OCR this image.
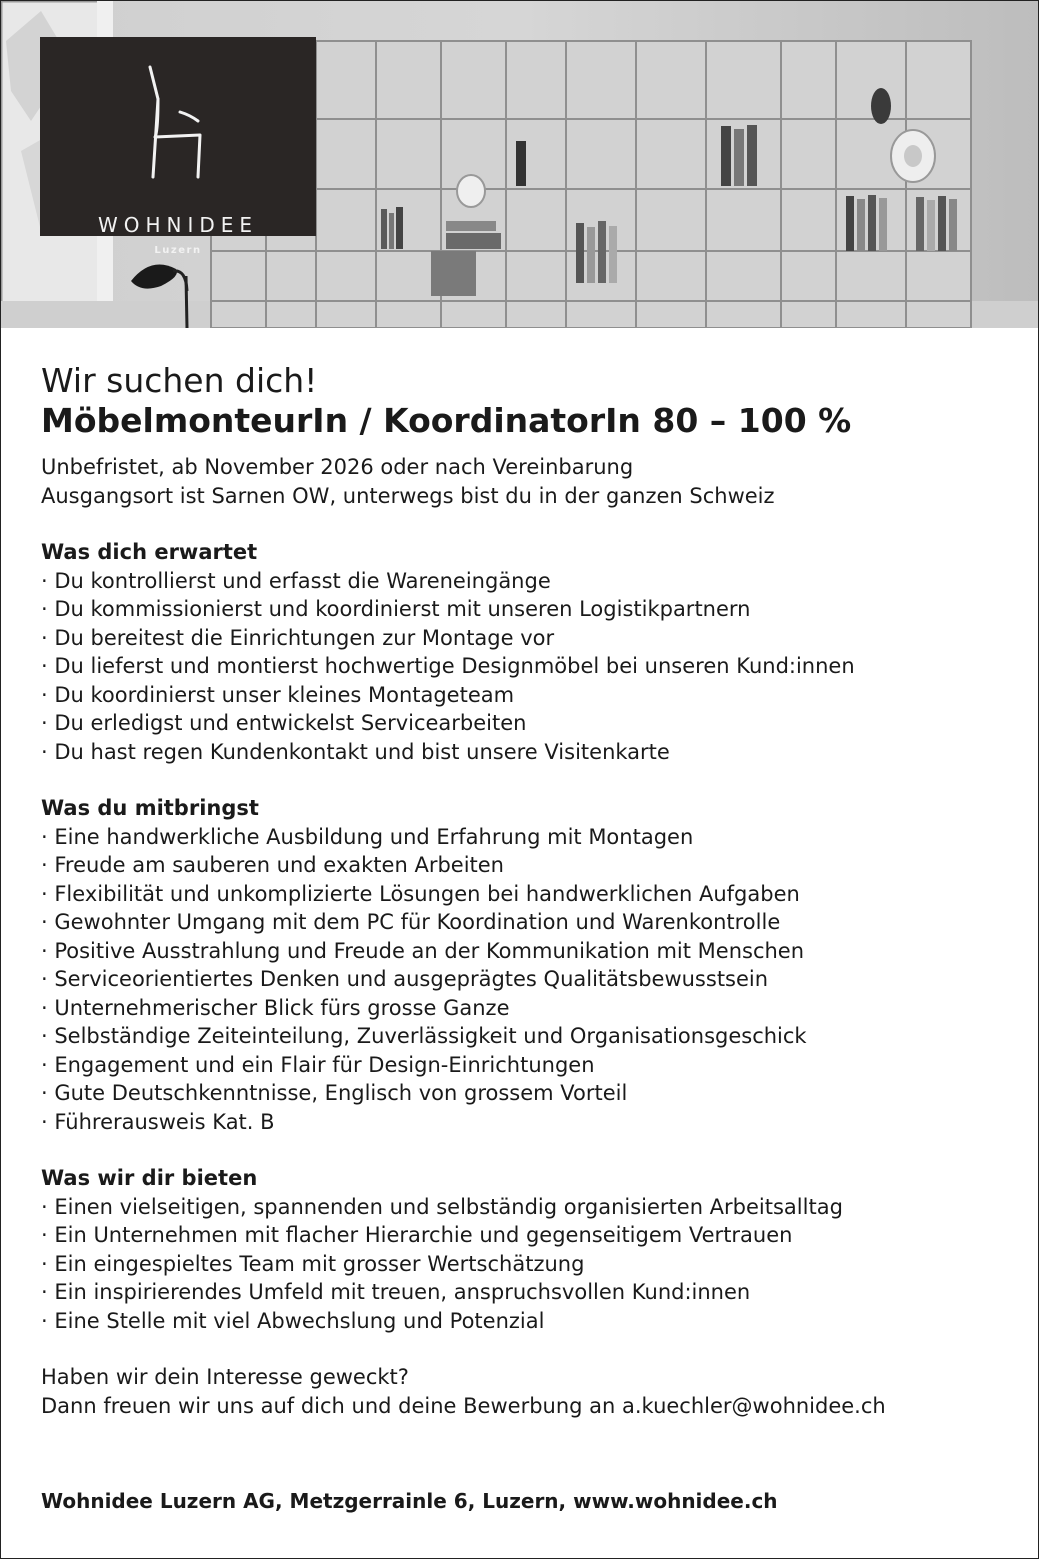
WOHNIDEE
Luzern
Wir suchen dich!
MöbelmonteurIn / KoordinatorIn 80 – 100 %
Unbefristet, ab November 2026 oder nach Vereinbarung
Ausgangsort ist Sarnen OW, unterwegs bist du in der ganzen Schweiz
Was dich erwartet
· Du kontrollierst und erfasst die Wareneingänge
· Du kommissionierst und koordinierst mit unseren Logistikpartnern
· Du bereitest die Einrichtungen zur Montage vor
· Du lieferst und montierst hochwertige Designmöbel bei unseren Kund:innen
· Du koordinierst unser kleines Montageteam
· Du erledigst und entwickelst Servicearbeiten
· Du hast regen Kundenkontakt und bist unsere Visitenkarte
Was du mitbringst
· Eine handwerkliche Ausbildung und Erfahrung mit Montagen
· Freude am sauberen und exakten Arbeiten
· Flexibilität und unkomplizierte Lösungen bei handwerklichen Aufgaben
· Gewohnter Umgang mit dem PC für Koordination und Warenkontrolle
· Positive Ausstrahlung und Freude an der Kommunikation mit Menschen
· Serviceorientiertes Denken und ausgeprägtes Qualitätsbewusstsein
· Unternehmerischer Blick fürs grosse Ganze
· Selbständige Zeiteinteilung, Zuverlässigkeit und Organisationsgeschick
· Engagement und ein Flair für Design-Einrichtungen
· Gute Deutschkenntnisse, Englisch von grossem Vorteil
· Führerausweis Kat. B
Was wir dir bieten
· Einen vielseitigen, spannenden und selbständig organisierten Arbeitsalltag
· Ein Unternehmen mit flacher Hierarchie und gegenseitigem Vertrauen
· Ein eingespieltes Team mit grosser Wertschätzung
· Ein inspirierendes Umfeld mit treuen, anspruchsvollen Kund:innen
· Eine Stelle mit viel Abwechslung und Potenzial
Haben wir dein Interesse geweckt?
Dann freuen wir uns auf dich und deine Bewerbung an a.kuechler@wohnidee.ch
Wohnidee Luzern AG, Metzgerrainle 6, Luzern, www.wohnidee.ch
